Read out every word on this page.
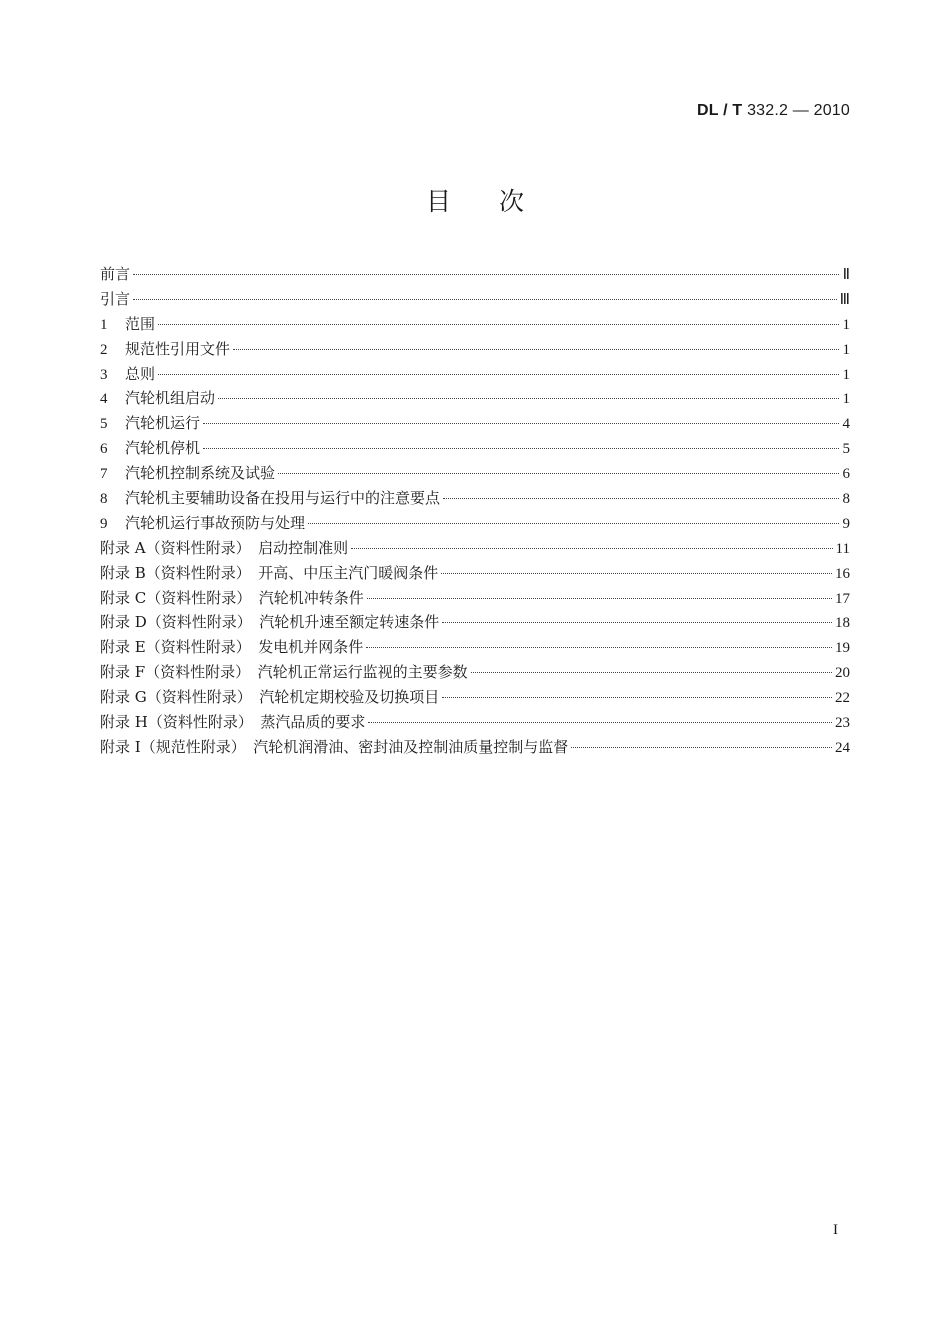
DL / T 332.2 — 2010
目 次
前言	Ⅱ
引言	Ⅲ
1	范围	1
2	规范性引用文件	1
3	总则	1
4	汽轮机组启动	1
5	汽轮机运行	4
6	汽轮机停机	5
7	汽轮机控制系统及试验	6
8	汽轮机主要辅助设备在投用与运行中的注意要点	8
9	汽轮机运行事故预防与处理	9
附录 A（资料性附录）　启动控制准则	11
附录 B（资料性附录）　开高、中压主汽门暖阀条件	16
附录 C（资料性附录）　汽轮机冲转条件	17
附录 D（资料性附录）　汽轮机升速至额定转速条件	18
附录 E（资料性附录）　发电机并网条件	19
附录 F（资料性附录）　汽轮机正常运行监视的主要参数	20
附录 G（资料性附录）　汽轮机定期校验及切换项目	22
附录 H（资料性附录）　蒸汽品质的要求	23
附录 I（规范性附录）　汽轮机润滑油、密封油及控制油质量控制与监督	24
I
